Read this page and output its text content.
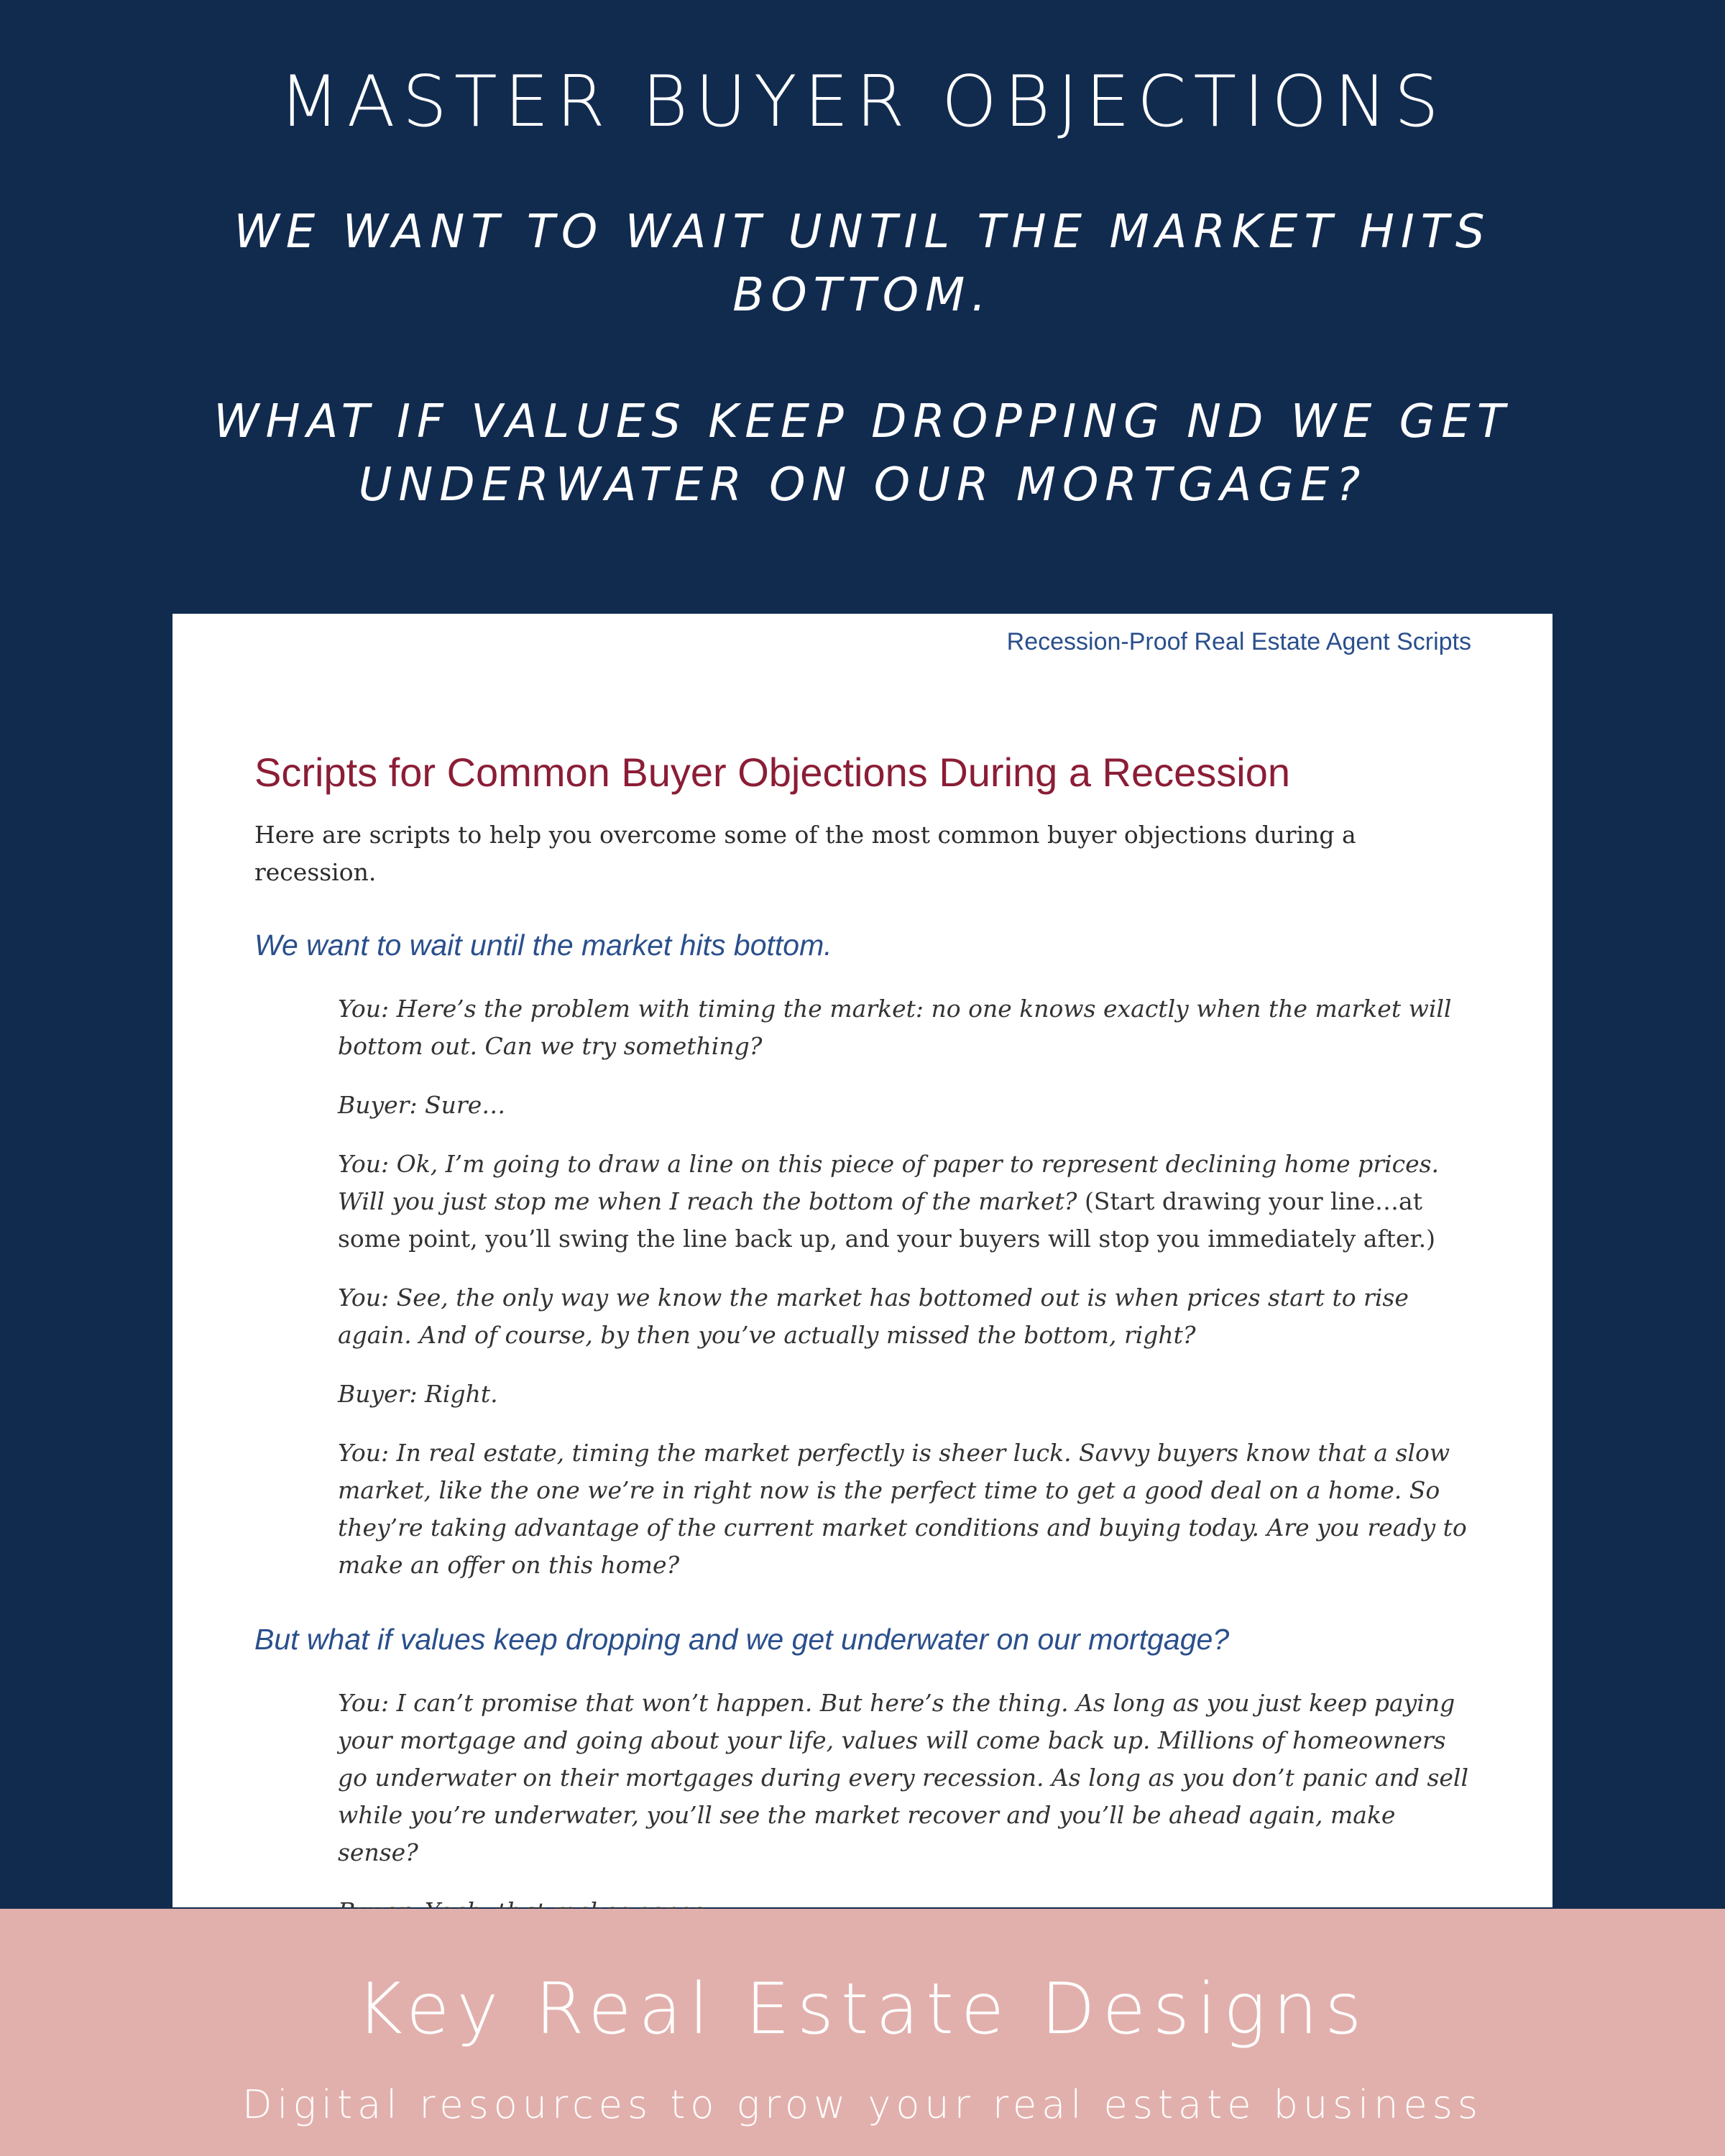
MASTER BUYER OBJECTIONS
WE WANT TO WAIT UNTIL THE MARKET HITS BOTTOM.
WHAT IF VALUES KEEP DROPPING ND WE GET UNDERWATER ON OUR MORTGAGE?
Recession-Proof Real Estate Agent Scripts
Scripts for Common Buyer Objections During a Recession
Here are scripts to help you overcome some of the most common buyer objections during a recession.
We want to wait until the market hits bottom.

You: Here’s the problem with timing the market: no one knows exactly when the market will bottom out. Can we try something?

Buyer: Sure…

You: Ok, I’m going to draw a line on this piece of paper to represent declining home prices. Will you just stop me when I reach the bottom of the market? (Start drawing your line…at some point, you’ll swing the line back up, and your buyers will stop you immediately after.)

You: See, the only way we know the market has bottomed out is when prices start to rise again. And of course, by then you’ve actually missed the bottom, right?

Buyer: Right.

You: In real estate, timing the market perfectly is sheer luck. Savvy buyers know that a slow market, like the one we’re in right now is the perfect time to get a good deal on a home. So they’re taking advantage of the current market conditions and buying today. Are you ready to make an offer on this home?

But what if values keep dropping and we get underwater on our mortgage?

You: I can’t promise that won’t happen. But here’s the thing. As long as you just keep paying your mortgage and going about your life, values will come back up. Millions of homeowners go underwater on their mortgages during every recession. As long as you don’t panic and sell while you’re underwater, you’ll see the market recover and you’ll be ahead again, make sense?

Key Real Estate Designs
Digital resources to grow your real estate business
